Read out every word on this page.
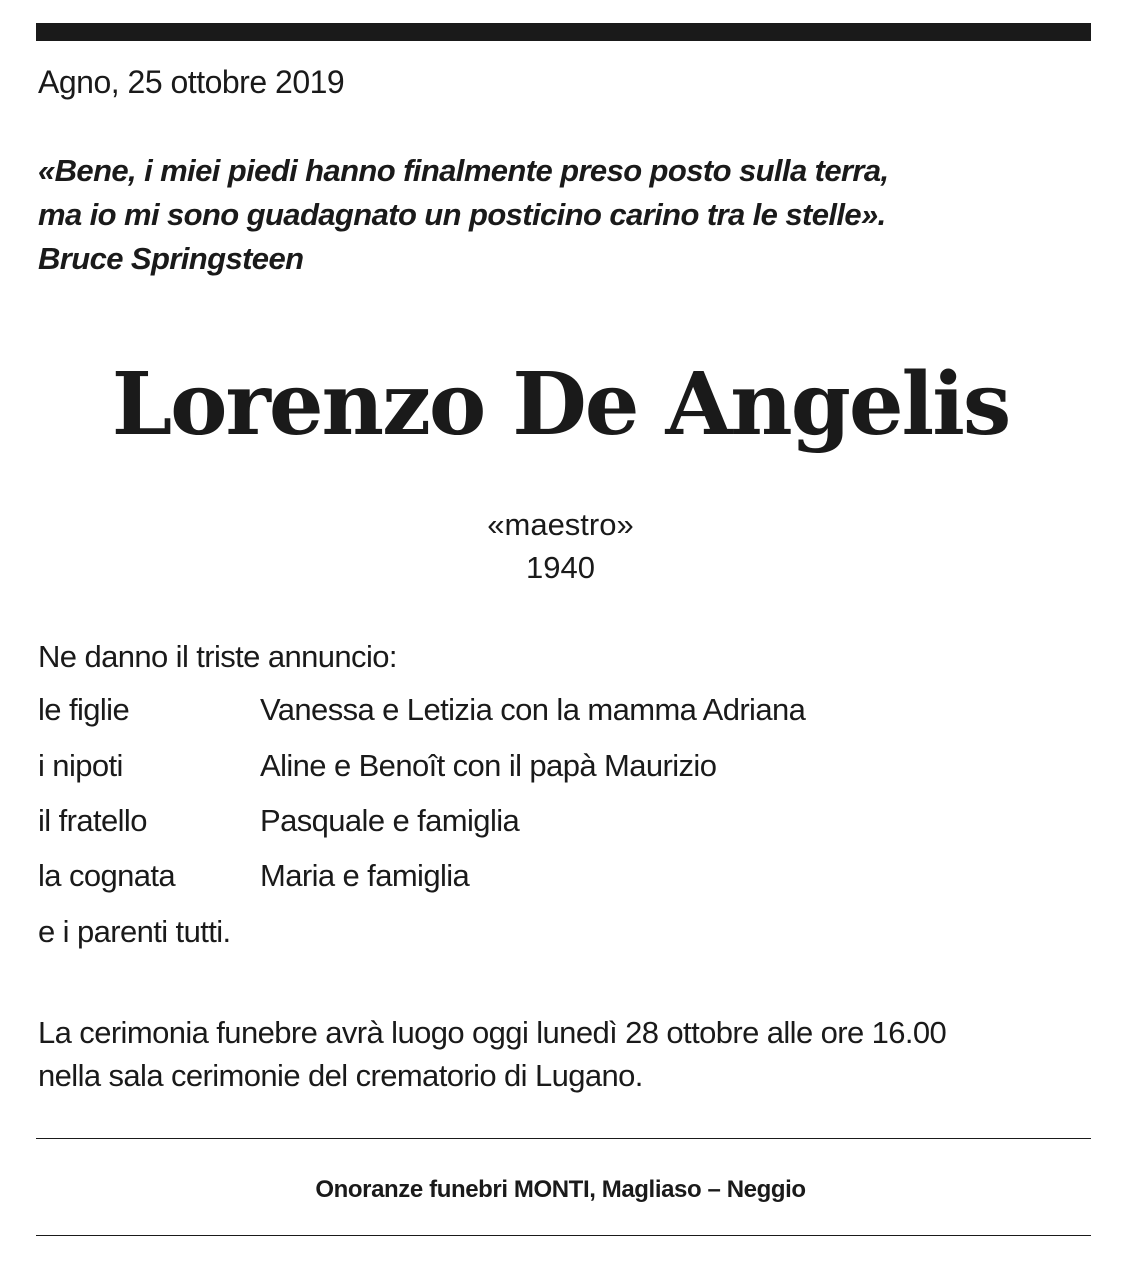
Agno, 25 ottobre 2019
«Bene, i miei piedi hanno finalmente preso posto sulla terra,
ma io mi sono guadagnato un posticino carino tra le stelle».
Bruce Springsteen
Lorenzo De Angelis
«maestro»
1940
Ne danno il triste annuncio:
le figlie	Vanessa e Letizia con la mamma Adriana
i nipoti	Aline e Benoît con il papà Maurizio
il fratello	Pasquale e famiglia
la cognata	Maria e famiglia
e i parenti tutti.
La cerimonia funebre avrà luogo oggi lunedì 28 ottobre alle ore 16.00
nella sala cerimonie del crematorio di Lugano.
Onoranze funebri MONTI, Magliaso – Neggio
